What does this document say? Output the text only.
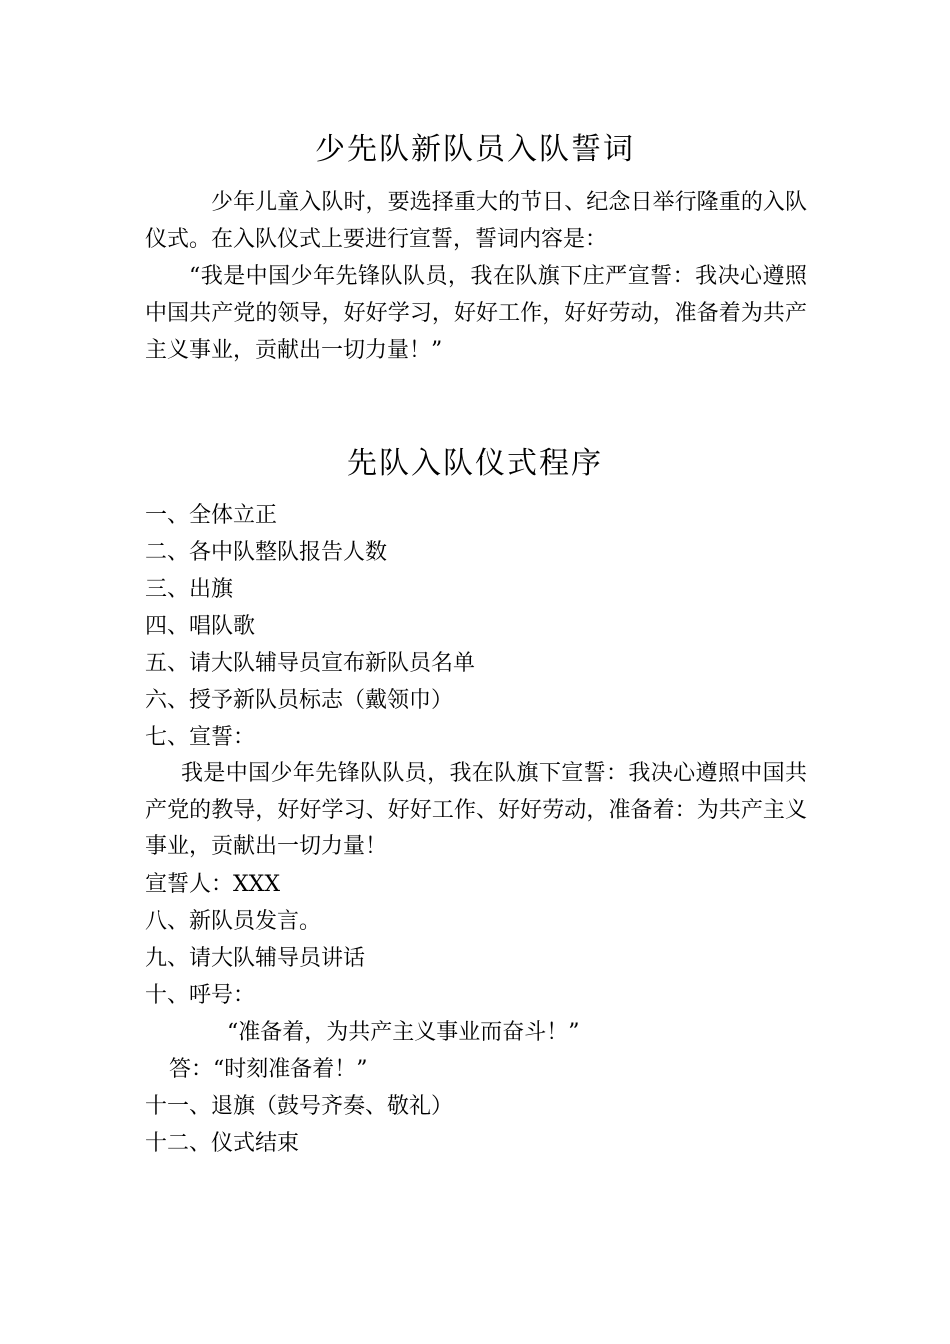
少先队新队员入队誓词

少年儿童入队时，要选择重大的节日、纪念日举行隆重的入队仪式。在入队仪式上要进行宣誓，誓词内容是：

“我是中国少年先锋队队员，我在队旗下庄严宣誓：我决心遵照中国共产党的领导，好好学习，好好工作，好好劳动，准备着为共产主义事业，贡献出一切力量！”

先队入队仪式程序
一、全体立正
二、各中队整队报告人数
三、出旗
四、唱队歌
五、请大队辅导员宣布新队员名单
六、授予新队员标志（戴领巾）
七、宣誓：
我是中国少年先锋队队员，我在队旗下宣誓：我决心遵照中国共产党的教导，好好学习、好好工作、好好劳动，准备着：为共产主义事业，贡献出一切力量！
宣誓人：XXX
八、新队员发言。
九、请大队辅导员讲话
十、呼号：
“准备着，为共产主义事业而奋斗！”
答：“时刻准备着！”
十一、退旗（鼓号齐奏、敬礼）
十二、仪式结束
